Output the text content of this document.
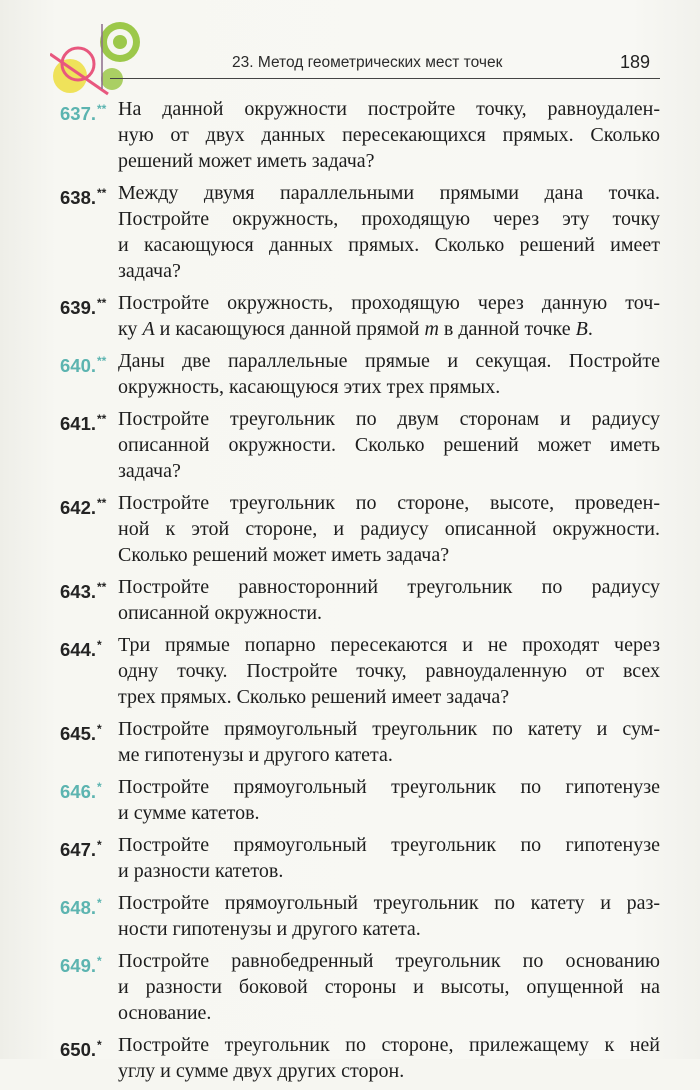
23. Метод геометрических мест точек	189
637.** На данной окружности постройте точку, равноудален-
ную от двух данных пересекающихся прямых. Сколько
решений может иметь задача?
638.** Между двумя параллельными прямыми дана точка.
Постройте окружность, проходящую через эту точку
и касающуюся данных прямых. Сколько решений имеет
задача?
639.** Постройте окружность, проходящую через данную точ-
ку A и касающуюся данной прямой m в данной точке B.
640.** Даны две параллельные прямые и секущая. Постройте
окружность, касающуюся этих трех прямых.
641.** Постройте треугольник по двум сторонам и радиусу
описанной окружности. Сколько решений может иметь
задача?
642.** Постройте треугольник по стороне, высоте, проведен-
ной к этой стороне, и радиусу описанной окружности.
Сколько решений может иметь задача?
643.** Постройте равносторонний треугольник по радиусу
описанной окружности.
644.* Три прямые попарно пересекаются и не проходят через
одну точку. Постройте точку, равноудаленную от всех
трех прямых. Сколько решений имеет задача?
645.* Постройте прямоугольный треугольник по катету и сум-
ме гипотенузы и другого катета.
646.* Постройте прямоугольный треугольник по гипотенузе
и сумме катетов.
647.* Постройте прямоугольный треугольник по гипотенузе
и разности катетов.
648.* Постройте прямоугольный треугольник по катету и раз-
ности гипотенузы и другого катета.
649.* Постройте равнобедренный треугольник по основанию
и разности боковой стороны и высоты, опущенной на
основание.
650.* Постройте треугольник по стороне, прилежащему к ней
углу и сумме двух других сторон.
